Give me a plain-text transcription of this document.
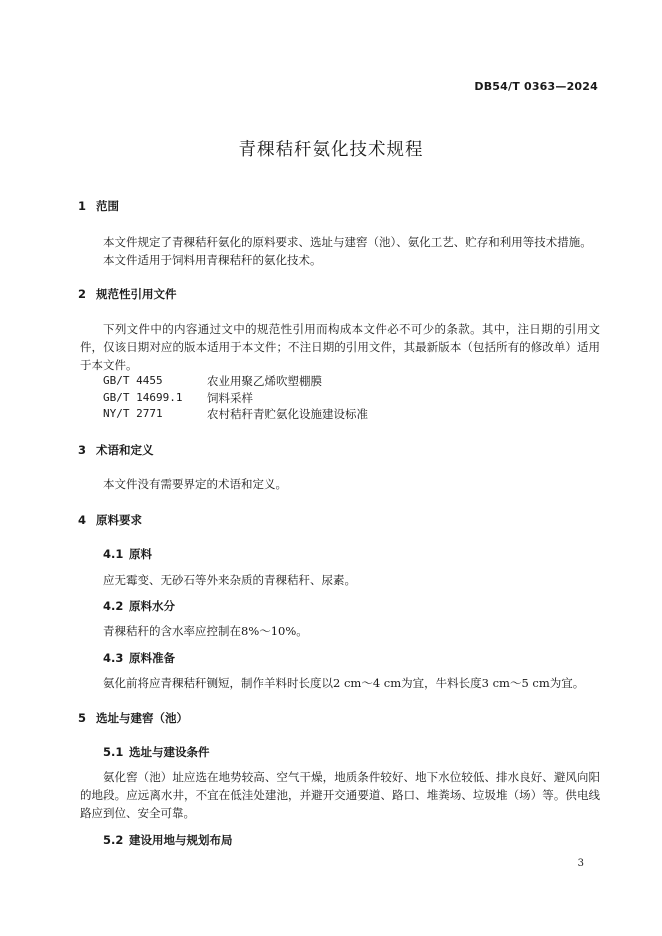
DB54/T 0363—2024
青稞秸秆氨化技术规程
1 范围
本文件规定了青稞秸秆氨化的原料要求、选址与建窖（池）、氨化工艺、贮存和利用等技术措施。
本文件适用于饲料用青稞秸秆的氨化技术。
2 规范性引用文件
下列文件中的内容通过文中的规范性引用而构成本文件必不可少的条款。其中，注日期的引用文件，仅该日期对应的版本适用于本文件；不注日期的引用文件，其最新版本（包括所有的修改单）适用于本文件。
GB/T 4455	农业用聚乙烯吹塑棚膜
GB/T 14699.1 饲料采样
NY/T 2771	农村秸秆青贮氨化设施建设标准
3 术语和定义
本文件没有需要界定的术语和定义。
4 原料要求
4.1 原料
应无霉变、无砂石等外来杂质的青稞秸秆、尿素。
4.2 原料水分
青稞秸秆的含水率应控制在8%～10%。
4.3 原料准备
氨化前将应青稞秸秆铡短，制作羊料时长度以2 cm～4 cm为宜，牛料长度3 cm～5 cm为宜。
5 选址与建窖（池）
5.1 选址与建设条件
氨化窖（池）址应选在地势较高、空气干燥，地质条件较好、地下水位较低、排水良好、避风向阳的地段。应远离水井，不宜在低洼处建池，并避开交通要道、路口、堆粪场、垃圾堆（场）等。供电线路应到位、安全可靠。
5.2 建设用地与规划布局
3
